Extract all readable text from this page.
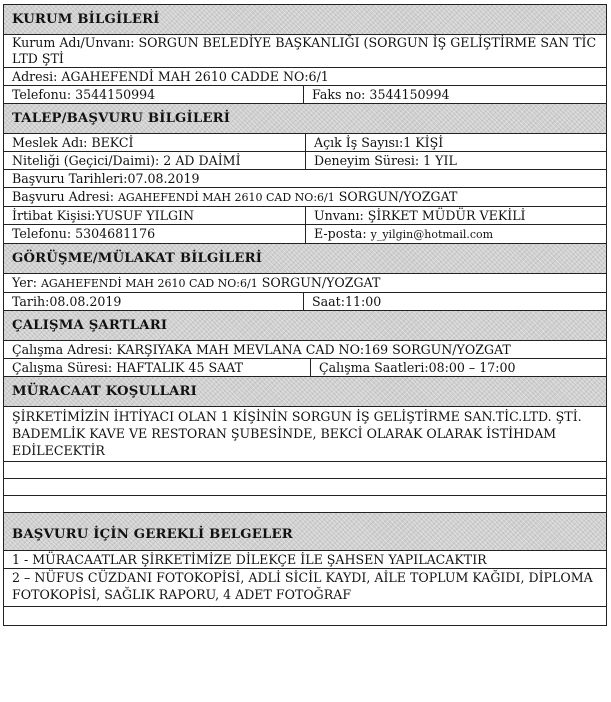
KURUM BİLGİLERİ
Kurum Adı/Unvanı: SORGUN BELEDİYE BAŞKANLIĞI (SORGUN İŞ GELİŞTİRME SAN TİC LTD ŞTİ
Adresi: AGAHEFENDİ MAH 2610 CADDE NO:6/1
Telefonu: 3544150994	Faks no: 3544150994
TALEP/BAŞVURU BİLGİLERİ
Meslek Adı: BEKCİ	Açık İş Sayısı:1 KİŞİ
Niteliği (Geçici/Daimi): 2 AD DAİMİ	Deneyim Süresi: 1 YIL
Başvuru Tarihleri:07.08.2019
Başvuru Adresi: AGAHEFENDİ MAH 2610 CAD NO:6/1 SORGUN/YOZGAT
İrtibat Kişisi:YUSUF YILGIN	Unvanı: ŞİRKET MÜDÜR VEKİLİ
Telefonu: 5304681176	E-posta: y_yilgin@hotmail.com
GÖRÜŞME/MÜLAKAT BİLGİLERİ
Yer: AGAHEFENDİ MAH 2610 CAD NO:6/1 SORGUN/YOZGAT
Tarih:08.08.2019	Saat:11:00
ÇALIŞMA ŞARTLARI
Çalışma Adresi: KARŞIYAKA MAH MEVLANA CAD NO:169 SORGUN/YOZGAT
Çalışma Süresi: HAFTALIK 45 SAAT	Çalışma Saatleri:08:00 – 17:00
MÜRACAAT KOŞULLARI
ŞİRKETİMİZİN İHTİYACI OLAN 1 KİŞİNİN SORGUN İŞ GELİŞTİRME SAN.TİC.LTD. ŞTİ. BADEMLİK KAVE VE RESTORAN ŞUBESİNDE, BEKCİ OLARAK OLARAK İSTİHDAM EDİLECEKTİR
BAŞVURU İÇİN GEREKLİ BELGELER
1 - MÜRACAATLAR ŞİRKETİMİZE DİLEKÇE İLE ŞAHSEN YAPILACAKTIR
2 – NÜFUS CÜZDANI FOTOKOPİSİ, ADLİ SİCİL KAYDI, AİLE TOPLUM KAĞIDI, DİPLOMA FOTOKOPİSİ, SAĞLIK RAPORU, 4 ADET FOTOĞRAF
